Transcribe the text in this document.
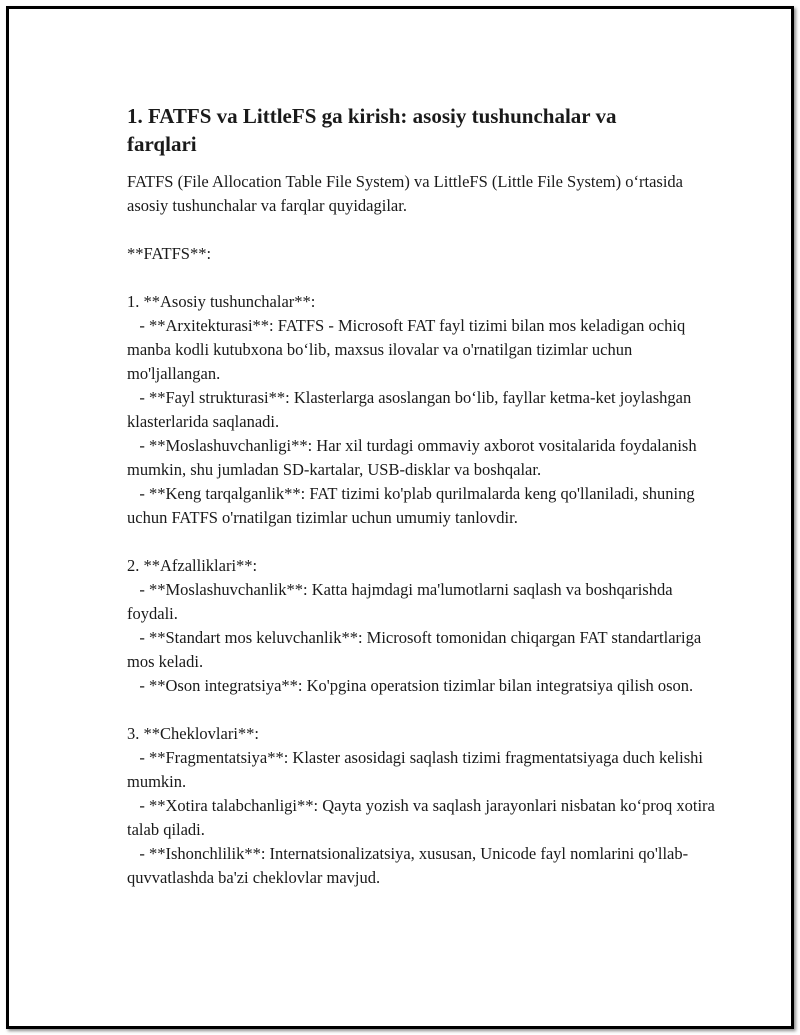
1. FATFS va LittleFS ga kirish: asosiy tushunchalar va farqlari

FATFS (File Allocation Table File System) va LittleFS (Little File System) o‘rtasida asosiy tushunchalar va farqlar quyidagilar.

**FATFS**:

1. **Asosiy tushunchalar**:

- **Arxitekturasi**: FATFS - Microsoft FAT fayl tizimi bilan mos keladigan ochiq manba kodli kutubxona bo‘lib, maxsus ilovalar va o'rnatilgan tizimlar uchun mo'ljallangan.

- **Fayl strukturasi**: Klasterlarga asoslangan bo‘lib, fayllar ketma-ket joylashgan klasterlarida saqlanadi.

- **Moslashuvchanligi**: Har xil turdagi ommaviy axborot vositalarida foydalanish mumkin, shu jumladan SD-kartalar, USB-disklar va boshqalar.

- **Keng tarqalganlik**: FAT tizimi ko'plab qurilmalarda keng qo'llaniladi, shuning uchun FATFS o'rnatilgan tizimlar uchun umumiy tanlovdir.

2. **Afzalliklari**:

- **Moslashuvchanlik**: Katta hajmdagi ma'lumotlarni saqlash va boshqarishda foydali.

- **Standart mos keluvchanlik**: Microsoft tomonidan chiqargan FAT standartlariga mos keladi.

- **Oson integratsiya**: Ko'pgina operatsion tizimlar bilan integratsiya qilish oson.

3. **Cheklovlari**:

- **Fragmentatsiya**: Klaster asosidagi saqlash tizimi fragmentatsiyaga duch kelishi mumkin.

- **Xotira talabchanligi**: Qayta yozish va saqlash jarayonlari nisbatan ko‘proq xotira talab qiladi.

- **Ishonchlilik**: Internatsionalizatsiya, xususan, Unicode fayl nomlarini qo'llab-quvvatlashda ba'zi cheklovlar mavjud.
